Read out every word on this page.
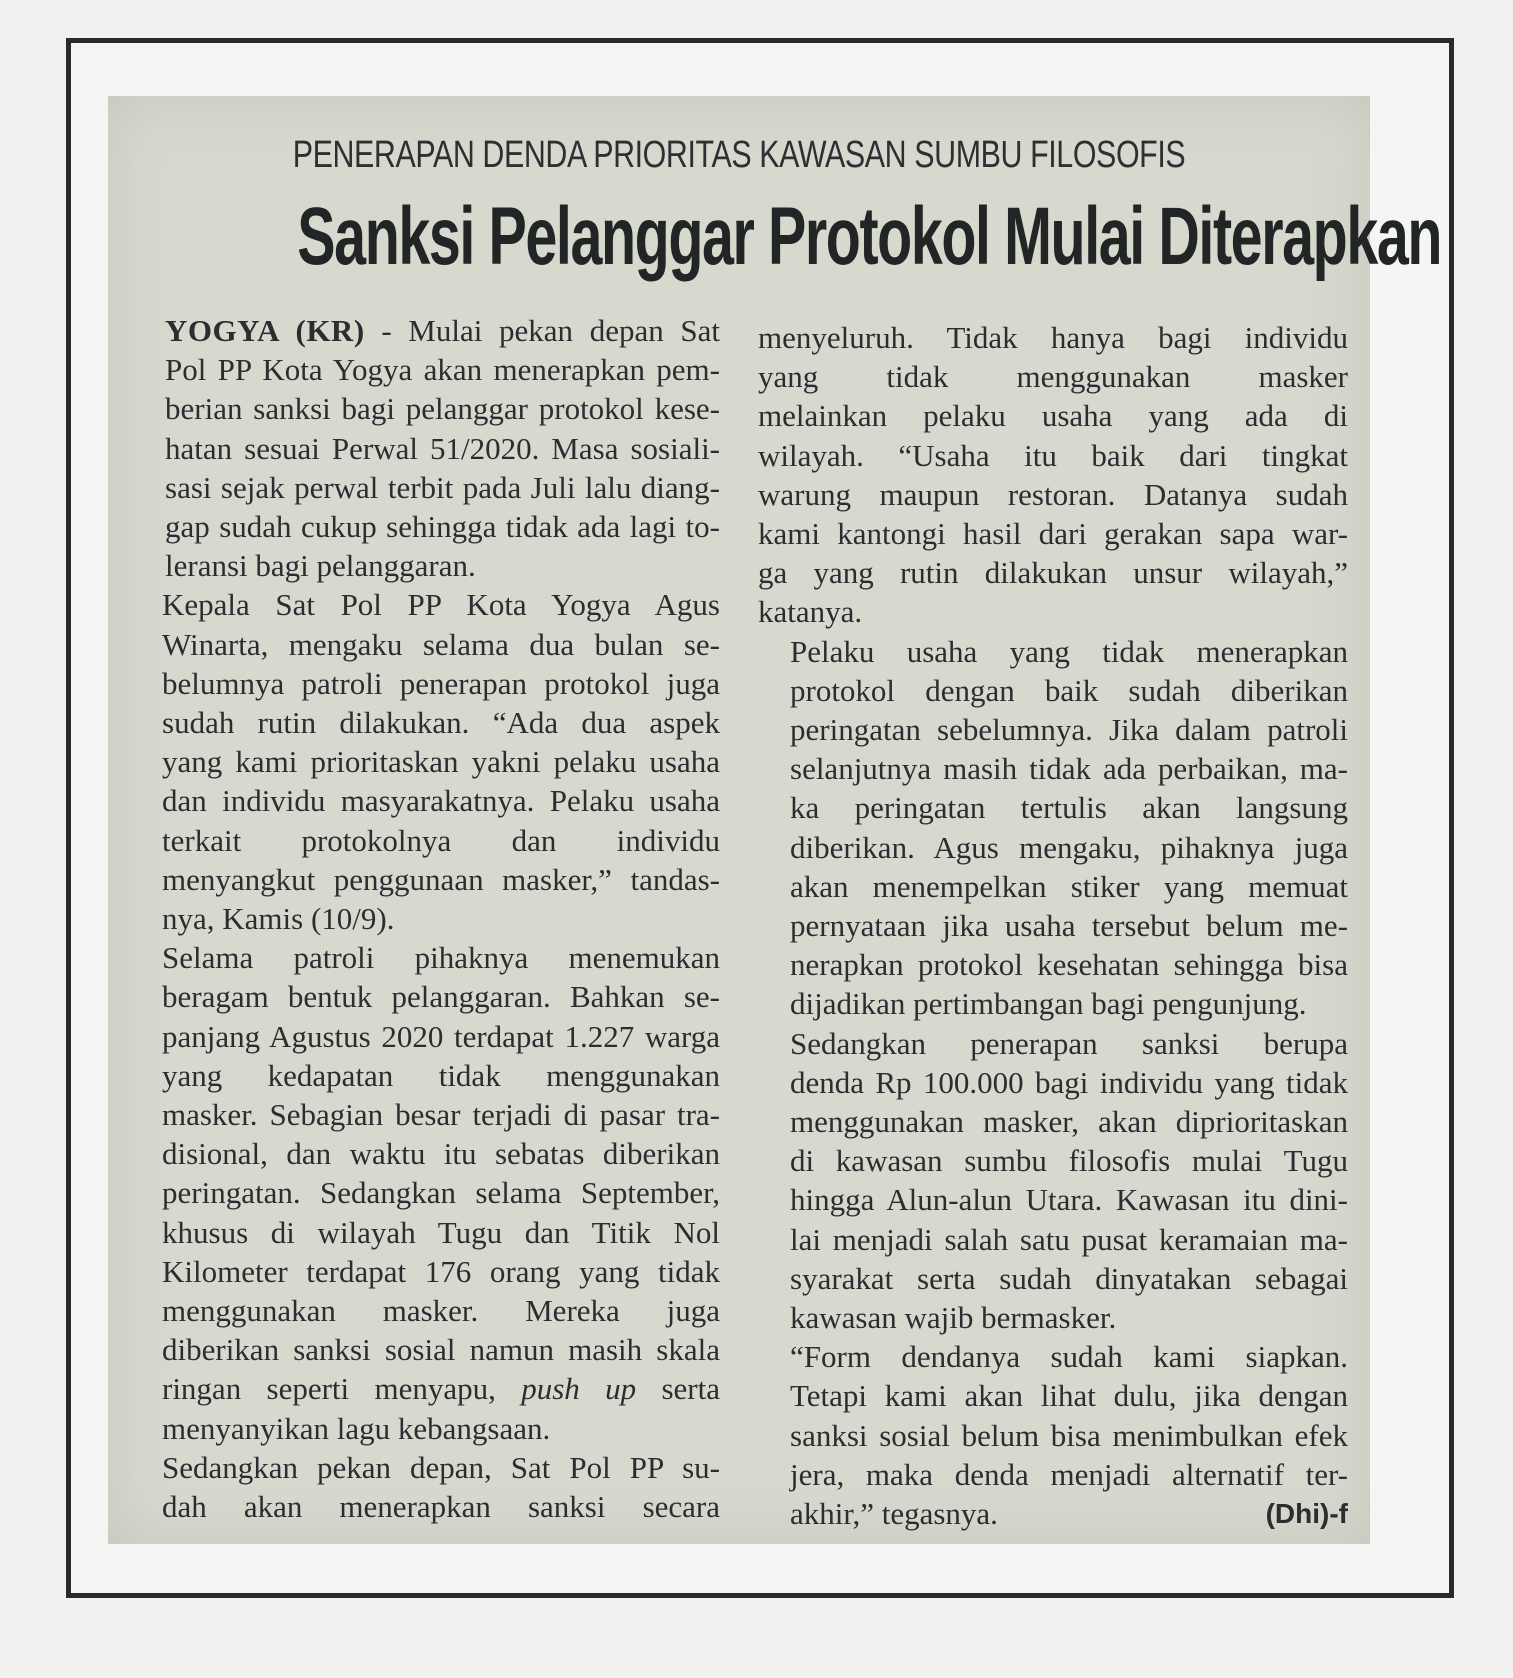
PENERAPAN DENDA PRIORITAS KAWASAN SUMBU FILOSOFIS
Sanksi Pelanggar Protokol Mulai Diterapkan

YOGYA (KR) - Mulai pekan depan Sat
Pol PP Kota Yogya akan menerapkan pem-
berian sanksi bagi pelanggar protokol kese-
hatan sesuai Perwal 51/2020. Masa sosiali-
sasi sejak perwal terbit pada Juli lalu diang-
gap sudah cukup sehingga tidak ada lagi to-
leransi bagi pelanggaran.

Kepala Sat Pol PP Kota Yogya Agus
Winarta, mengaku selama dua bulan se-
belumnya patroli penerapan protokol juga
sudah rutin dilakukan. “Ada dua aspek
yang kami prioritaskan yakni pelaku usaha
dan individu masyarakatnya. Pelaku usaha
terkait protokolnya dan individu
menyangkut penggunaan masker,” tandas-
nya, Kamis (10/9).

Selama patroli pihaknya menemukan
beragam bentuk pelanggaran. Bahkan se-
panjang Agustus 2020 terdapat 1.227 warga
yang kedapatan tidak menggunakan
masker. Sebagian besar terjadi di pasar tra-
disional, dan waktu itu sebatas diberikan
peringatan. Sedangkan selama September,
khusus di wilayah Tugu dan Titik Nol
Kilometer terdapat 176 orang yang tidak
menggunakan masker. Mereka juga
diberikan sanksi sosial namun masih skala
ringan seperti menyapu, push up serta
menyanyikan lagu kebangsaan.

Sedangkan pekan depan, Sat Pol PP su-
dah akan menerapkan sanksi secara

menyeluruh. Tidak hanya bagi individu
yang tidak menggunakan masker
melainkan pelaku usaha yang ada di
wilayah. “Usaha itu baik dari tingkat
warung maupun restoran. Datanya sudah
kami kantongi hasil dari gerakan sapa war-
ga yang rutin dilakukan unsur wilayah,”
katanya.

Pelaku usaha yang tidak menerapkan
protokol dengan baik sudah diberikan
peringatan sebelumnya. Jika dalam patroli
selanjutnya masih tidak ada perbaikan, ma-
ka peringatan tertulis akan langsung
diberikan. Agus mengaku, pihaknya juga
akan menempelkan stiker yang memuat
pernyataan jika usaha tersebut belum me-
nerapkan protokol kesehatan sehingga bisa
dijadikan pertimbangan bagi pengunjung.

Sedangkan penerapan sanksi berupa
denda Rp 100.000 bagi individu yang tidak
menggunakan masker, akan diprioritaskan
di kawasan sumbu filosofis mulai Tugu
hingga Alun-alun Utara. Kawasan itu dini-
lai menjadi salah satu pusat keramaian ma-
syarakat serta sudah dinyatakan sebagai
kawasan wajib bermasker.

“Form dendanya sudah kami siapkan.
Tetapi kami akan lihat dulu, jika dengan
sanksi sosial belum bisa menimbulkan efek
jera, maka denda menjadi alternatif ter-
akhir,” tegasnya.	(Dhi)-f
